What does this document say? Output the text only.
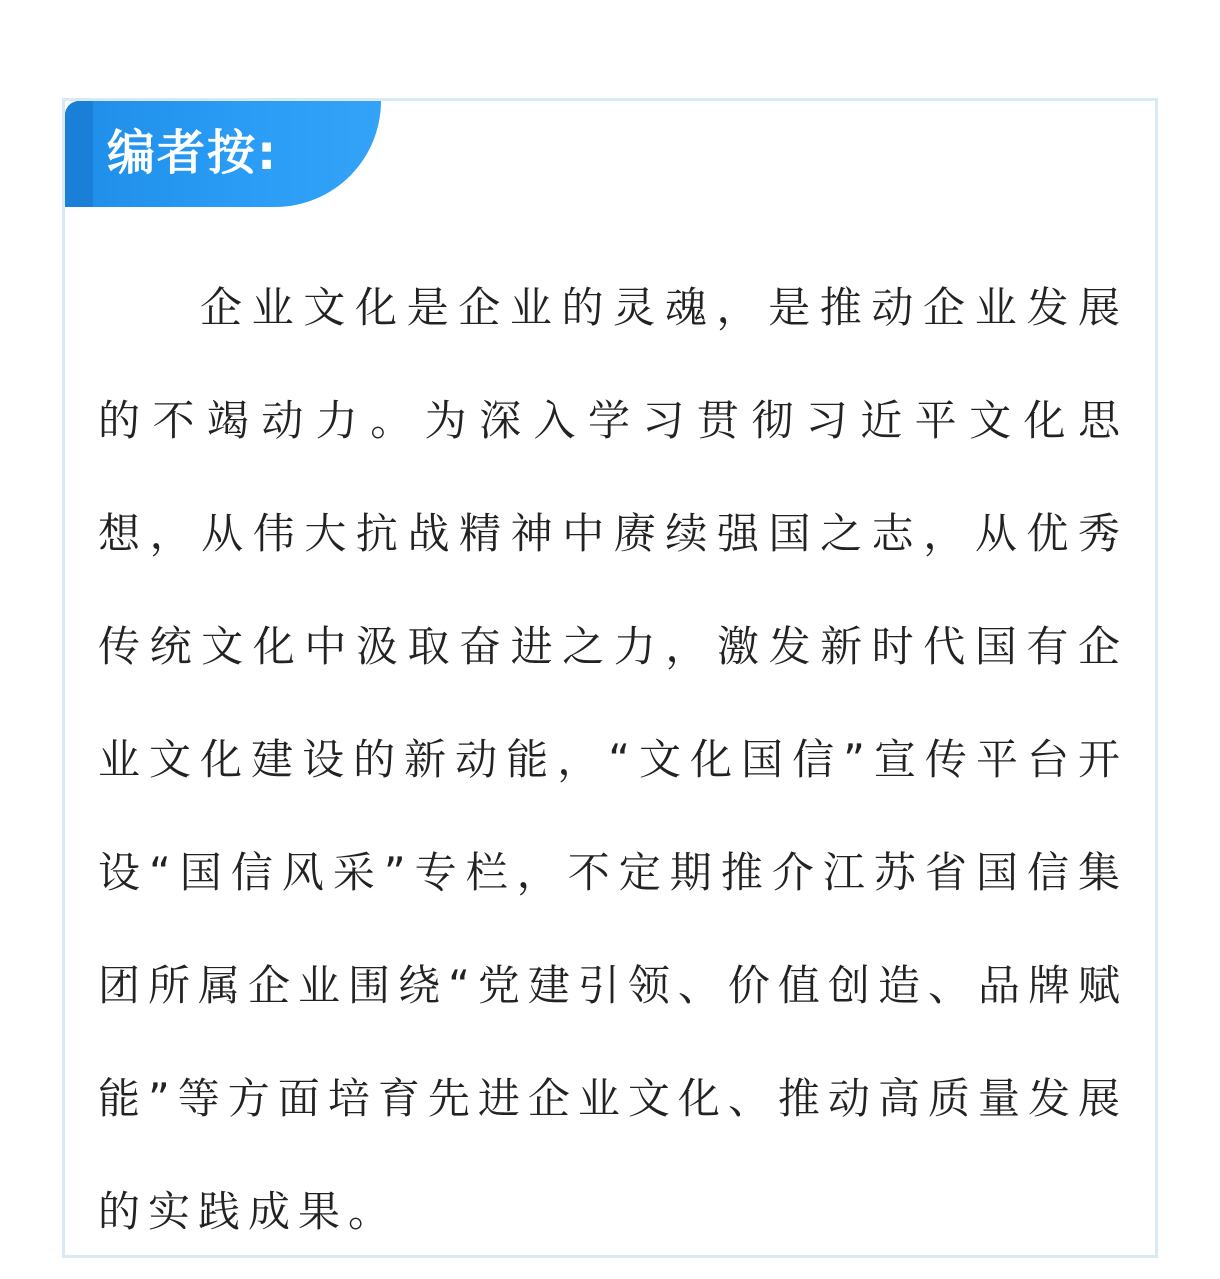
编者按:

企业文化是企业的灵魂，是推动企业发展的不竭动力。为深入学习贯彻习近平文化思想，从伟大抗战精神中赓续强国之志，从优秀传统文化中汲取奋进之力，激发新时代国有企业文化建设的新动能，“文化国信”宣传平台开设“国信风采”专栏，不定期推介江苏省国信集团所属企业围绕“党建引领、价值创造、品牌赋能”等方面培育先进企业文化、推动高质量发展的实践成果。
